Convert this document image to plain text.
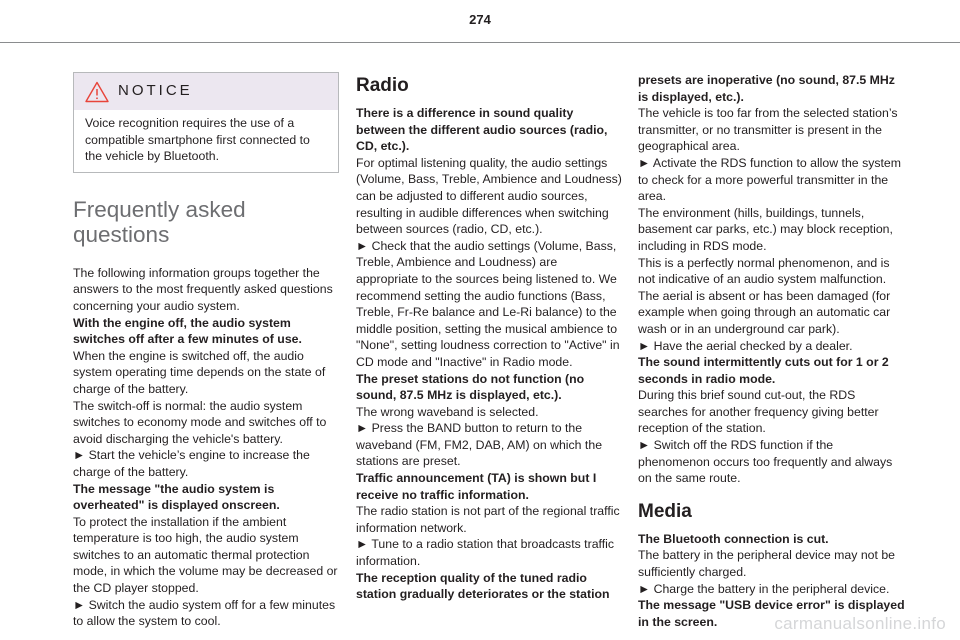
274
NOTICE

Voice recognition requires the use of a compatible smartphone first connected to the vehicle by Bluetooth.

Frequently asked questions

The following information groups together the answers to the most frequently asked questions concerning your audio system.

With the engine off, the audio system switches off after a few minutes of use.

When the engine is switched off, the audio system operating time depends on the state of charge of the battery.

The switch-off is normal: the audio system switches to economy mode and switches off to avoid discharging the vehicle's battery.

► Start the vehicle’s engine to increase the charge of the battery.

The message "the audio system is overheated" is displayed onscreen.

To protect the installation if the ambient temperature is too high, the audio system switches to an automatic thermal protection mode, in which the volume may be decreased or the CD player stopped.

► Switch the audio system off for a few minutes to allow the system to cool.

Radio

There is a difference in sound quality between the different audio sources (radio, CD, etc.).

For optimal listening quality, the audio settings (Volume, Bass, Treble, Ambience and Loudness) can be adjusted to different audio sources, resulting in audible differences when switching between sources (radio, CD, etc.).

► Check that the audio settings (Volume, Bass, Treble, Ambience and Loudness) are appropriate to the sources being listened to. We recommend setting the audio functions (Bass, Treble, Fr-Re balance and Le-Ri balance) to the middle position, setting the musical ambience to "None", setting loudness correction to "Active" in CD mode and "Inactive" in Radio mode.

The preset stations do not function (no sound, 87.5 MHz is displayed, etc.).

The wrong waveband is selected.

► Press the BAND button to return to the waveband (FM, FM2, DAB, AM) on which the stations are preset.

Traffic announcement (TA) is shown but I receive no traffic information.

The radio station is not part of the regional traffic information network.

► Tune to a radio station that broadcasts traffic information.

The reception quality of the tuned radio station gradually deteriorates or the station

presets are inoperative (no sound, 87.5 MHz is displayed, etc.).

The vehicle is too far from the selected station’s transmitter, or no transmitter is present in the geographical area.

► Activate the RDS function to allow the system to check for a more powerful transmitter in the area.

The environment (hills, buildings, tunnels, basement car parks, etc.) may block reception, including in RDS mode.

This is a perfectly normal phenomenon, and is not indicative of an audio system malfunction.

The aerial is absent or has been damaged (for example when going through an automatic car wash or in an underground car park).

► Have the aerial checked by a dealer.

The sound intermittently cuts out for 1 or 2 seconds in radio mode.

During this brief sound cut-out, the RDS searches for another frequency giving better reception of the station.

► Switch off the RDS function if the phenomenon occurs too frequently and always on the same route.

Media

The Bluetooth connection is cut.

The battery in the peripheral device may not be sufficiently charged.

► Charge the battery in the peripheral device.

The message "USB device error" is displayed in the screen.	carmanualsonline.info
